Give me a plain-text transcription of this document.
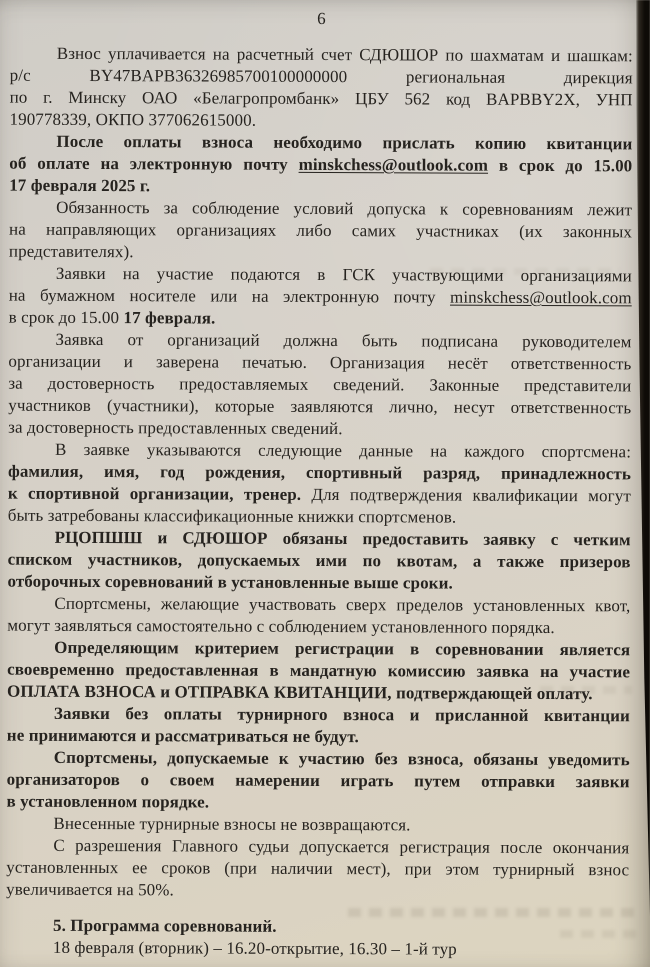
6
Взнос уплачивается на расчетный счет СДЮШОР по шахматам и шашкам:
р/с BY47BAPB36326985700100000000 региональная дирекция
по г. Минску ОАО «Белагропромбанк» ЦБУ 562 код BAPBBY2X, УНП
190778339, ОКПО 377062615000.
После оплаты взноса необходимо прислать копию квитанции
об оплате на электронную почту minskchess@outlook.com в срок до 15.00
17 февраля 2025 г.
Обязанность за соблюдение условий допуска к соревнованиям лежит
на направляющих организациях либо самих участниках (их законных
представителях).
Заявки на участие подаются в ГСК участвующими организациями
на бумажном носителе или на электронную почту minskchess@outlook.com
в срок до 15.00 17 февраля.
Заявка от организаций должна быть подписана руководителем
организации и заверена печатью. Организация несёт ответственность
за достоверность предоставляемых сведений. Законные представители
участников (участники), которые заявляются лично, несут ответственность
за достоверность предоставленных сведений.
В заявке указываются следующие данные на каждого спортсмена:
фамилия, имя, год рождения, спортивный разряд, принадлежность
к спортивной организации, тренер. Для подтверждения квалификации могут
быть затребованы классификационные книжки спортсменов.
РЦОПШШ и СДЮШОР обязаны предоставить заявку с четким
списком участников, допускаемых ими по квотам, а также призеров
отборочных соревнований в установленные выше сроки.
Спортсмены, желающие участвовать сверх пределов установленных квот,
могут заявляться самостоятельно с соблюдением установленного порядка.
Определяющим критерием регистрации в соревновании является
своевременно предоставленная в мандатную комиссию заявка на участие
ОПЛАТА ВЗНОСА и ОТПРАВКА КВИТАНЦИИ, подтверждающей оплату.
Заявки без оплаты турнирного взноса и присланной квитанции
не принимаются и рассматриваться не будут.
Спортсмены, допускаемые к участию без взноса, обязаны уведомить
организаторов о своем намерении играть путем отправки заявки
в установленном порядке.
Внесенные турнирные взносы не возвращаются.
С разрешения Главного судьи допускается регистрация после окончания
установленных ее сроков (при наличии мест), при этом турнирный взнос
увеличивается на 50%.
5. Программа соревнований.
18 февраля (вторник) – 16.20-открытие, 16.30 – 1-й тур
